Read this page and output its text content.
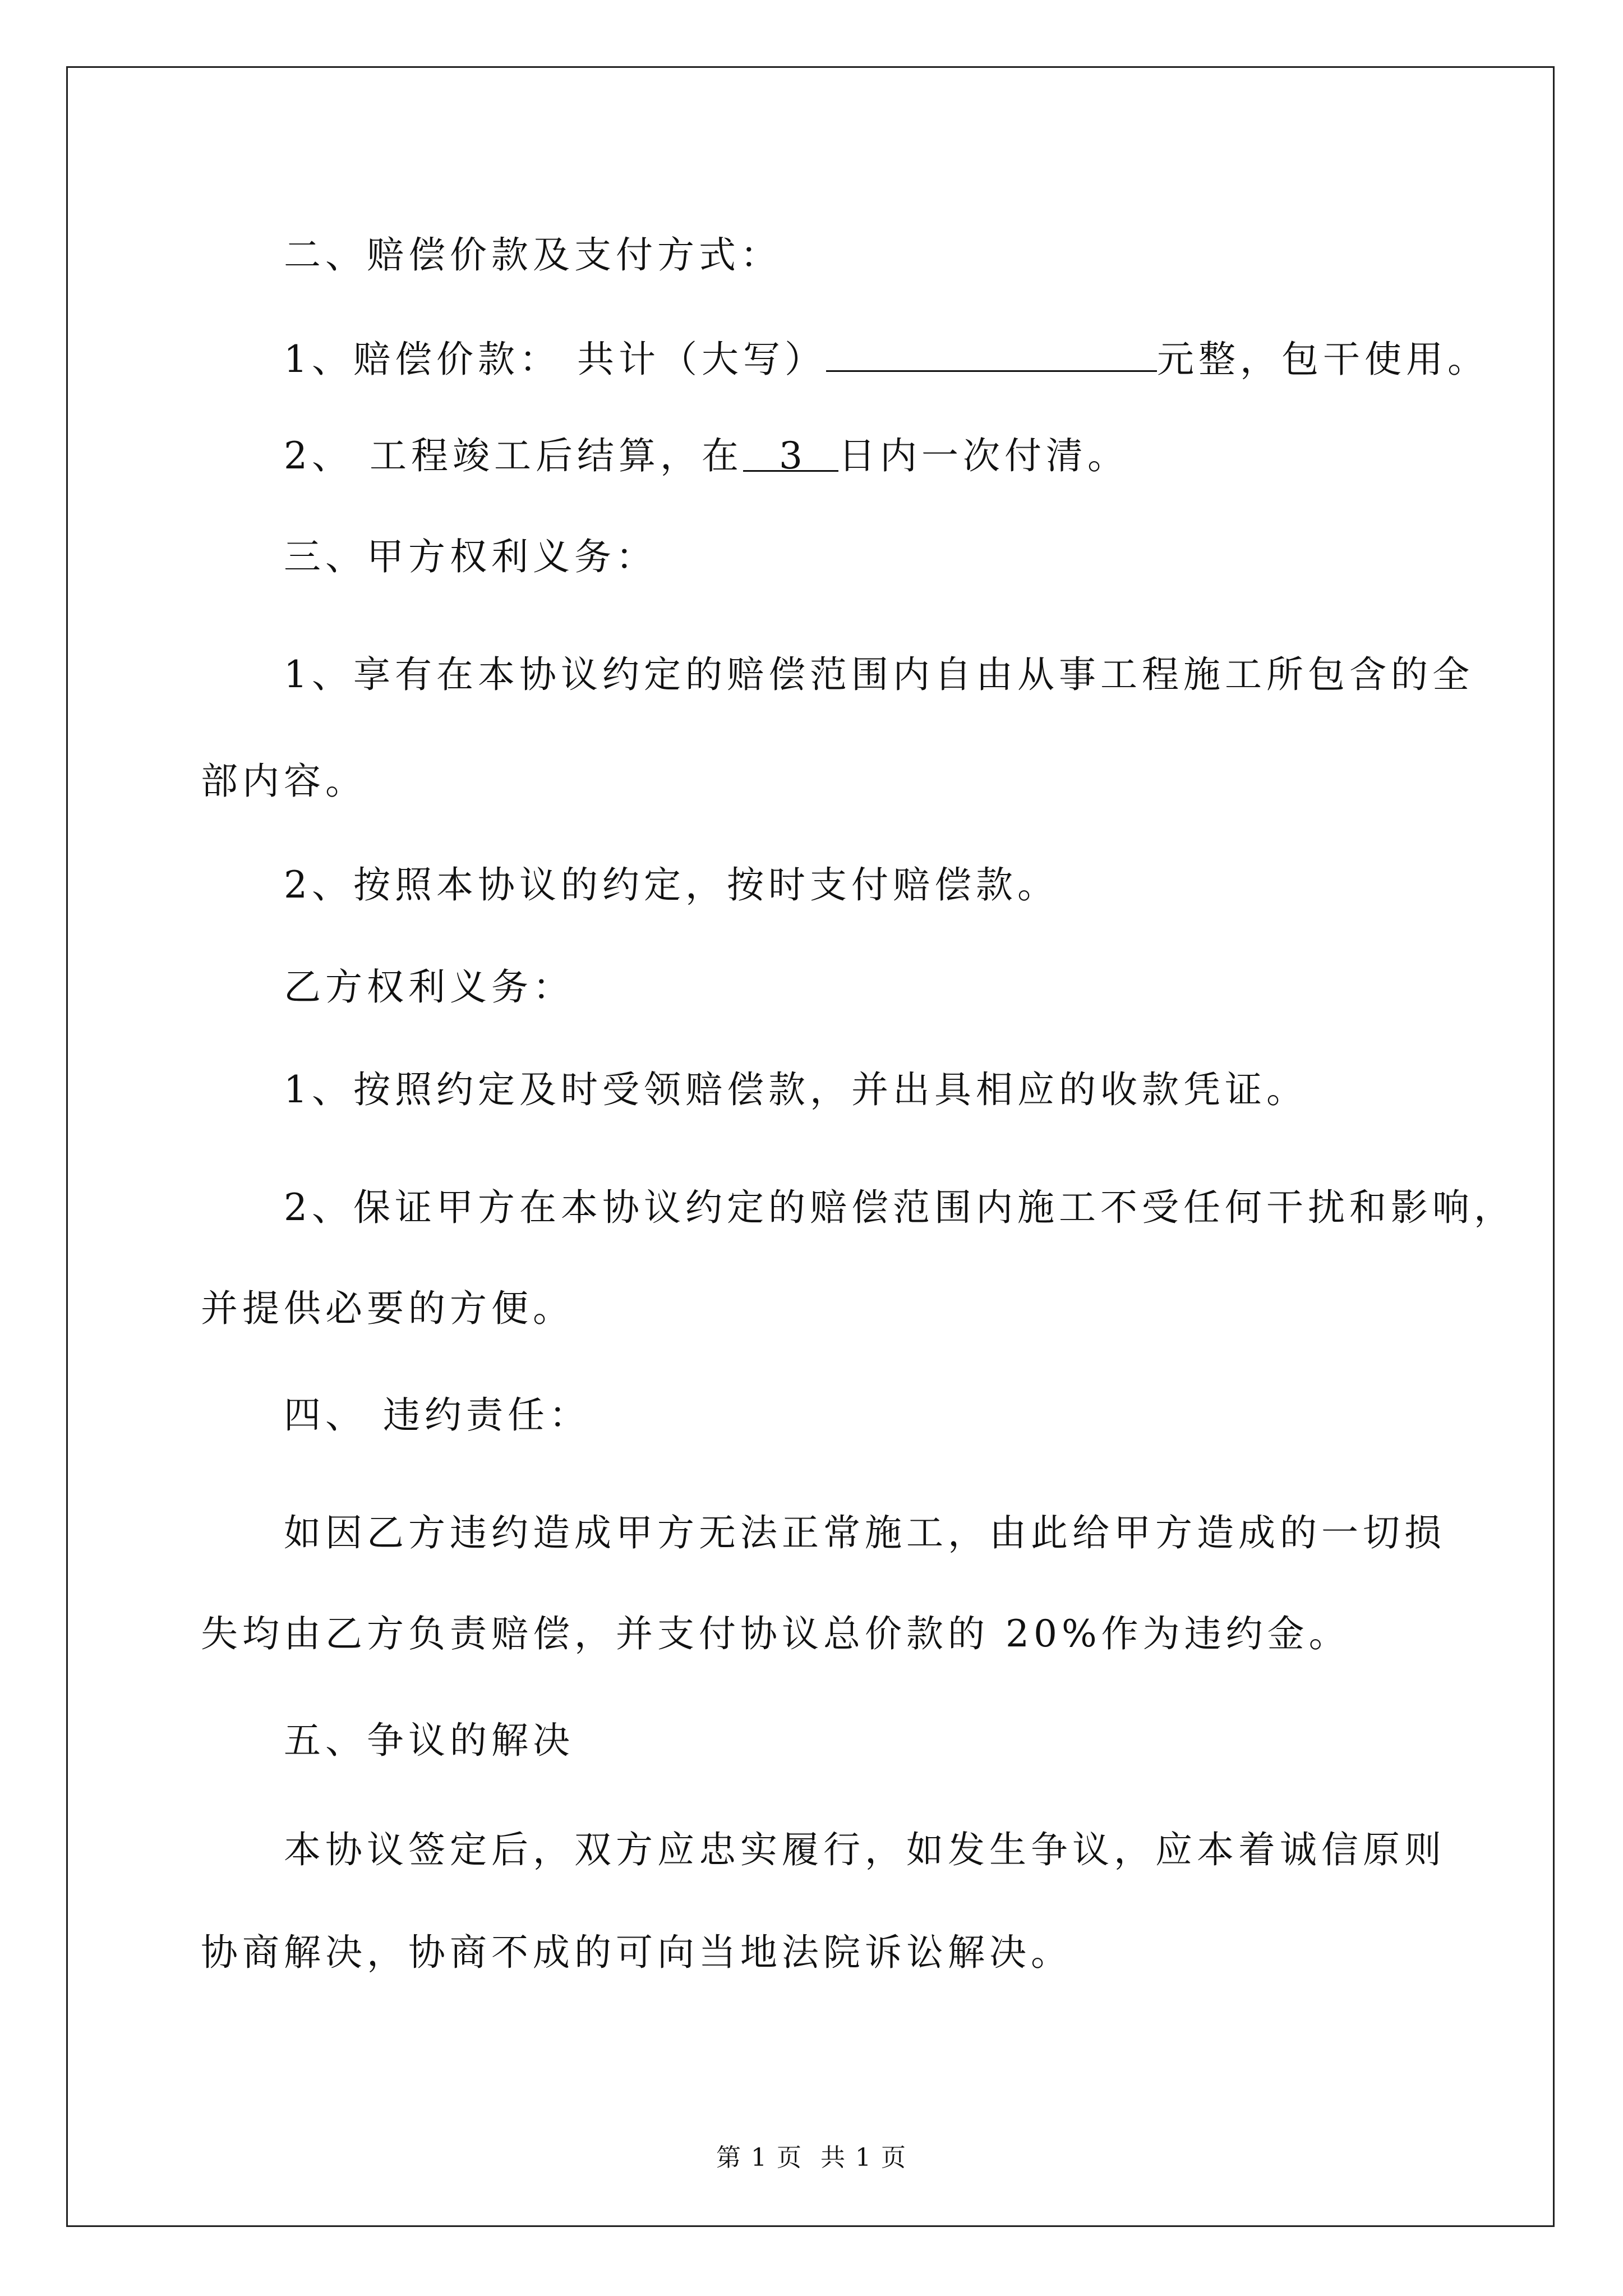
二、赔偿价款及支付方式：
1、赔偿价款： 共计（大写）	元整，包干使用。
2、 工程竣工后结算，在 3 日内一次付清。
三、甲方权利义务：
1、享有在本协议约定的赔偿范围内自由从事工程施工所包含的全
部内容。
2、按照本协议的约定，按时支付赔偿款。
乙方权利义务：
1、按照约定及时受领赔偿款，并出具相应的收款凭证。
2、保证甲方在本协议约定的赔偿范围内施工不受任何干扰和影响，
并提供必要的方便。
四、 违约责任：
如因乙方违约造成甲方无法正常施工，由此给甲方造成的一切损
失均由乙方负责赔偿，并支付协议总价款的 20%作为违约金。
五、争议的解决
本协议签定后，双方应忠实履行，如发生争议，应本着诚信原则
协商解决，协商不成的可向当地法院诉讼解决。
第 1 页 共 1 页
